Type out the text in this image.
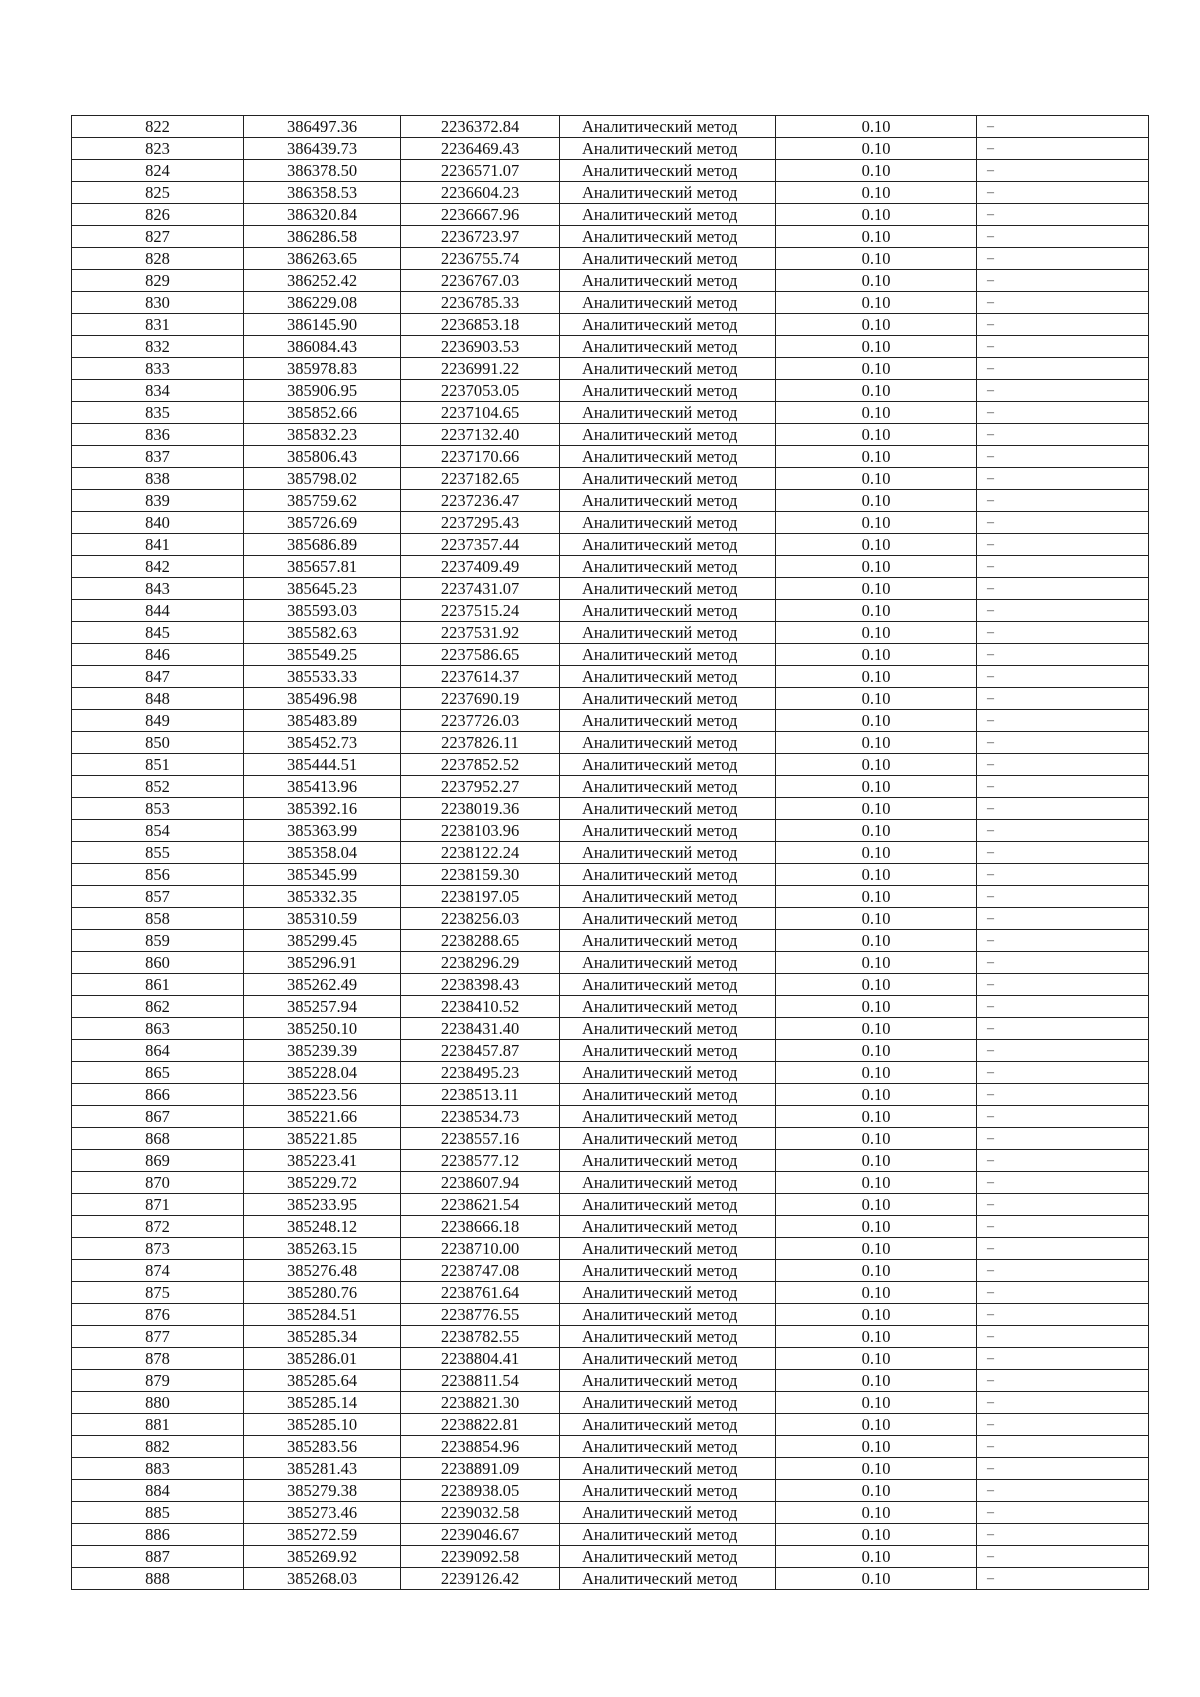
822	386497.36	2236372.84	Аналитический метод	0.10	–
823	386439.73	2236469.43	Аналитический метод	0.10	–
824	386378.50	2236571.07	Аналитический метод	0.10	–
825	386358.53	2236604.23	Аналитический метод	0.10	–
826	386320.84	2236667.96	Аналитический метод	0.10	–
827	386286.58	2236723.97	Аналитический метод	0.10	–
828	386263.65	2236755.74	Аналитический метод	0.10	–
829	386252.42	2236767.03	Аналитический метод	0.10	–
830	386229.08	2236785.33	Аналитический метод	0.10	–
831	386145.90	2236853.18	Аналитический метод	0.10	–
832	386084.43	2236903.53	Аналитический метод	0.10	–
833	385978.83	2236991.22	Аналитический метод	0.10	–
834	385906.95	2237053.05	Аналитический метод	0.10	–
835	385852.66	2237104.65	Аналитический метод	0.10	–
836	385832.23	2237132.40	Аналитический метод	0.10	–
837	385806.43	2237170.66	Аналитический метод	0.10	–
838	385798.02	2237182.65	Аналитический метод	0.10	–
839	385759.62	2237236.47	Аналитический метод	0.10	–
840	385726.69	2237295.43	Аналитический метод	0.10	–
841	385686.89	2237357.44	Аналитический метод	0.10	–
842	385657.81	2237409.49	Аналитический метод	0.10	–
843	385645.23	2237431.07	Аналитический метод	0.10	–
844	385593.03	2237515.24	Аналитический метод	0.10	–
845	385582.63	2237531.92	Аналитический метод	0.10	–
846	385549.25	2237586.65	Аналитический метод	0.10	–
847	385533.33	2237614.37	Аналитический метод	0.10	–
848	385496.98	2237690.19	Аналитический метод	0.10	–
849	385483.89	2237726.03	Аналитический метод	0.10	–
850	385452.73	2237826.11	Аналитический метод	0.10	–
851	385444.51	2237852.52	Аналитический метод	0.10	–
852	385413.96	2237952.27	Аналитический метод	0.10	–
853	385392.16	2238019.36	Аналитический метод	0.10	–
854	385363.99	2238103.96	Аналитический метод	0.10	–
855	385358.04	2238122.24	Аналитический метод	0.10	–
856	385345.99	2238159.30	Аналитический метод	0.10	–
857	385332.35	2238197.05	Аналитический метод	0.10	–
858	385310.59	2238256.03	Аналитический метод	0.10	–
859	385299.45	2238288.65	Аналитический метод	0.10	–
860	385296.91	2238296.29	Аналитический метод	0.10	–
861	385262.49	2238398.43	Аналитический метод	0.10	–
862	385257.94	2238410.52	Аналитический метод	0.10	–
863	385250.10	2238431.40	Аналитический метод	0.10	–
864	385239.39	2238457.87	Аналитический метод	0.10	–
865	385228.04	2238495.23	Аналитический метод	0.10	–
866	385223.56	2238513.11	Аналитический метод	0.10	–
867	385221.66	2238534.73	Аналитический метод	0.10	–
868	385221.85	2238557.16	Аналитический метод	0.10	–
869	385223.41	2238577.12	Аналитический метод	0.10	–
870	385229.72	2238607.94	Аналитический метод	0.10	–
871	385233.95	2238621.54	Аналитический метод	0.10	–
872	385248.12	2238666.18	Аналитический метод	0.10	–
873	385263.15	2238710.00	Аналитический метод	0.10	–
874	385276.48	2238747.08	Аналитический метод	0.10	–
875	385280.76	2238761.64	Аналитический метод	0.10	–
876	385284.51	2238776.55	Аналитический метод	0.10	–
877	385285.34	2238782.55	Аналитический метод	0.10	–
878	385286.01	2238804.41	Аналитический метод	0.10	–
879	385285.64	2238811.54	Аналитический метод	0.10	–
880	385285.14	2238821.30	Аналитический метод	0.10	–
881	385285.10	2238822.81	Аналитический метод	0.10	–
882	385283.56	2238854.96	Аналитический метод	0.10	–
883	385281.43	2238891.09	Аналитический метод	0.10	–
884	385279.38	2238938.05	Аналитический метод	0.10	–
885	385273.46	2239032.58	Аналитический метод	0.10	–
886	385272.59	2239046.67	Аналитический метод	0.10	–
887	385269.92	2239092.58	Аналитический метод	0.10	–
888	385268.03	2239126.42	Аналитический метод	0.10	–
